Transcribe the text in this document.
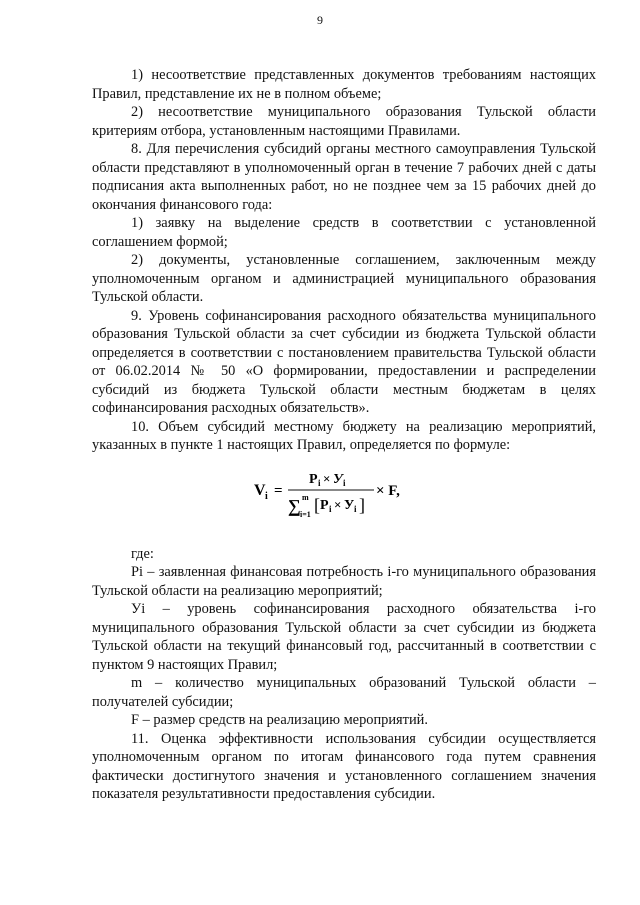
9

1) несоответствие представленных документов требованиям настоящих Правил, представление их не в полном объеме;

2) несоответствие муниципального образования Тульской области критериям отбора, установленным настоящими Правилами.

8. Для перечисления субсидий органы местного самоуправления Тульской области представляют в уполномоченный орган в течение 7 рабочих дней с даты подписания акта выполненных работ, но не позднее чем за 15 рабочих дней до окончания финансового года:

1) заявку на выделение средств в соответствии с установленной соглашением формой;

2) документы, установленные соглашением, заключенным между уполномоченным органом и администрацией муниципального образования Тульской области.

9. Уровень софинансирования расходного обязательства муниципального образования Тульской области за счет субсидии из бюджета Тульской области определяется в соответствии с постановлением правительства Тульской области от 06.02.2014 № 50 «О формировании, предоставлении и распределении субсидий из бюджета Тульской области местным бюджетам в целях софинансирования расходных обязательств».

10. Объем субсидий местному бюджету на реализацию мероприятий, указанных в пункте 1 настоящих Правил, определяется по формуле:

V i =
P i × У i
∑ m
i=1 [ P i × У i ]
× F,

где:

Pi – заявленная финансовая потребность i-го муниципального образования Тульской области на реализацию мероприятий;

Уi – уровень софинансирования расходного обязательства i-го муниципального образования Тульской области за счет субсидии из бюджета Тульской области на текущий финансовый год, рассчитанный в соответствии с пунктом 9 настоящих Правил;

m – количество муниципальных образований Тульской области – получателей субсидии;

F – размер средств на реализацию мероприятий.

11. Оценка эффективности использования субсидии осуществляется уполномоченным органом по итогам финансового года путем сравнения фактически достигнутого значения и установленного соглашением значения показателя результативности предоставления субсидии.
